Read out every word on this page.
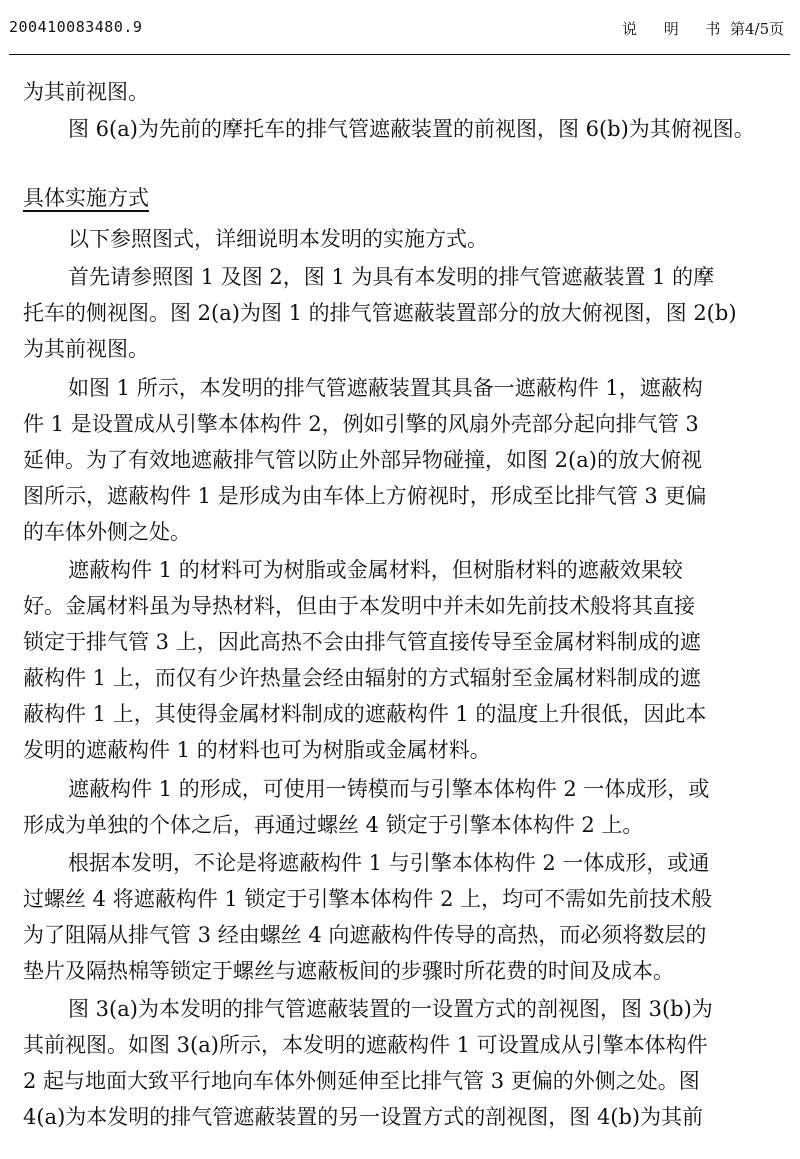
200410083480.9	说 明 书
第4/5页
为其前视图。
图 6(a)为先前的摩托车的排气管遮蔽装置的前视图，图 6(b)为其俯视图。
具体实施方式
以下参照图式，详细说明本发明的实施方式。
首先请参照图 1 及图 2，图 1 为具有本发明的排气管遮蔽装置 1 的摩
托车的侧视图。图 2(a)为图 1 的排气管遮蔽装置部分的放大俯视图，图 2(b)
为其前视图。
如图 1 所示，本发明的排气管遮蔽装置其具备一遮蔽构件 1，遮蔽构
件 1 是设置成从引擎本体构件 2，例如引擎的风扇外壳部分起向排气管 3
延伸。为了有效地遮蔽排气管以防止外部异物碰撞，如图 2(a)的放大俯视
图所示，遮蔽构件 1 是形成为由车体上方俯视时，形成至比排气管 3 更偏
的车体外侧之处。
遮蔽构件 1 的材料可为树脂或金属材料，但树脂材料的遮蔽效果较
好。金属材料虽为导热材料，但由于本发明中并未如先前技术般将其直接
锁定于排气管 3 上，因此高热不会由排气管直接传导至金属材料制成的遮
蔽构件 1 上，而仅有少许热量会经由辐射的方式辐射至金属材料制成的遮
蔽构件 1 上，其使得金属材料制成的遮蔽构件 1 的温度上升很低，因此本
发明的遮蔽构件 1 的材料也可为树脂或金属材料。
遮蔽构件 1 的形成，可使用一铸模而与引擎本体构件 2 一体成形，或
形成为单独的个体之后，再通过螺丝 4 锁定于引擎本体构件 2 上。
根据本发明，不论是将遮蔽构件 1 与引擎本体构件 2 一体成形，或通
过螺丝 4 将遮蔽构件 1 锁定于引擎本体构件 2 上，均可不需如先前技术般
为了阻隔从排气管 3 经由螺丝 4 向遮蔽构件传导的高热，而必须将数层的
垫片及隔热棉等锁定于螺丝与遮蔽板间的步骤时所花费的时间及成本。
图 3(a)为本发明的排气管遮蔽装置的一设置方式的剖视图，图 3(b)为
其前视图。如图 3(a)所示，本发明的遮蔽构件 1 可设置成从引擎本体构件
2 起与地面大致平行地向车体外侧延伸至比排气管 3 更偏的外侧之处。图
4(a)为本发明的排气管遮蔽装置的另一设置方式的剖视图，图 4(b)为其前
